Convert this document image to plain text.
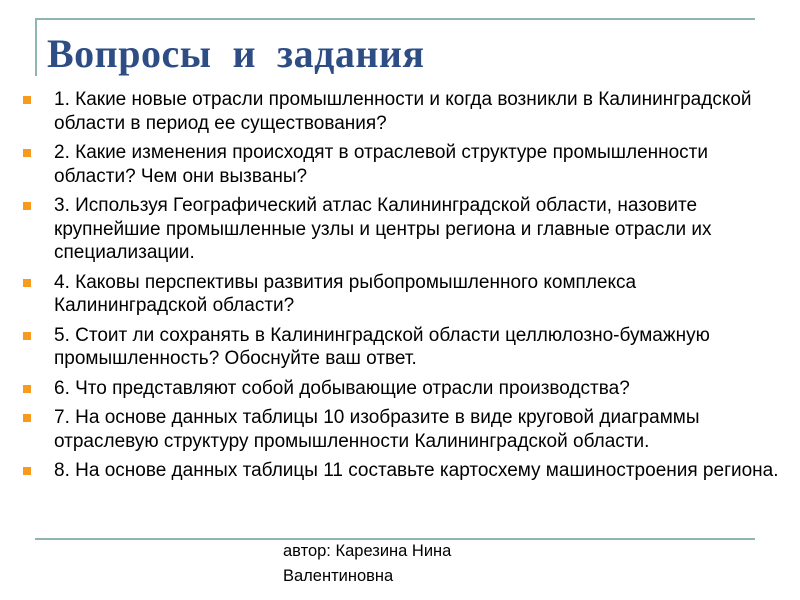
Вопросы  и  задания
1. Какие новые отрасли промышленности и когда возникли в Калининградской области в период ее существования?
2. Какие изменения происходят в отраслевой структуре промышленности области? Чем они вызваны?
3. Используя Географический атлас Калининградской области, назовите крупнейшие промышленные узлы и центры региона и главные отрасли их специализации.
4. Каковы перспективы развития рыбопромышленного комплекса Калининградской области?
5. Стоит ли сохранять в Калининградской области целлюлозно-бумажную промышленность? Обоснуйте ваш ответ.
6. Что представляют собой добывающие отрасли производства?
7. На основе данных таблицы 10 изобразите в виде круговой диаграммы отраслевую структуру промышленности Калининградской области.
8. На основе данных таблицы 11 составьте картосхему машиностроения региона.
автор: Карезина Нина
Валентиновна
